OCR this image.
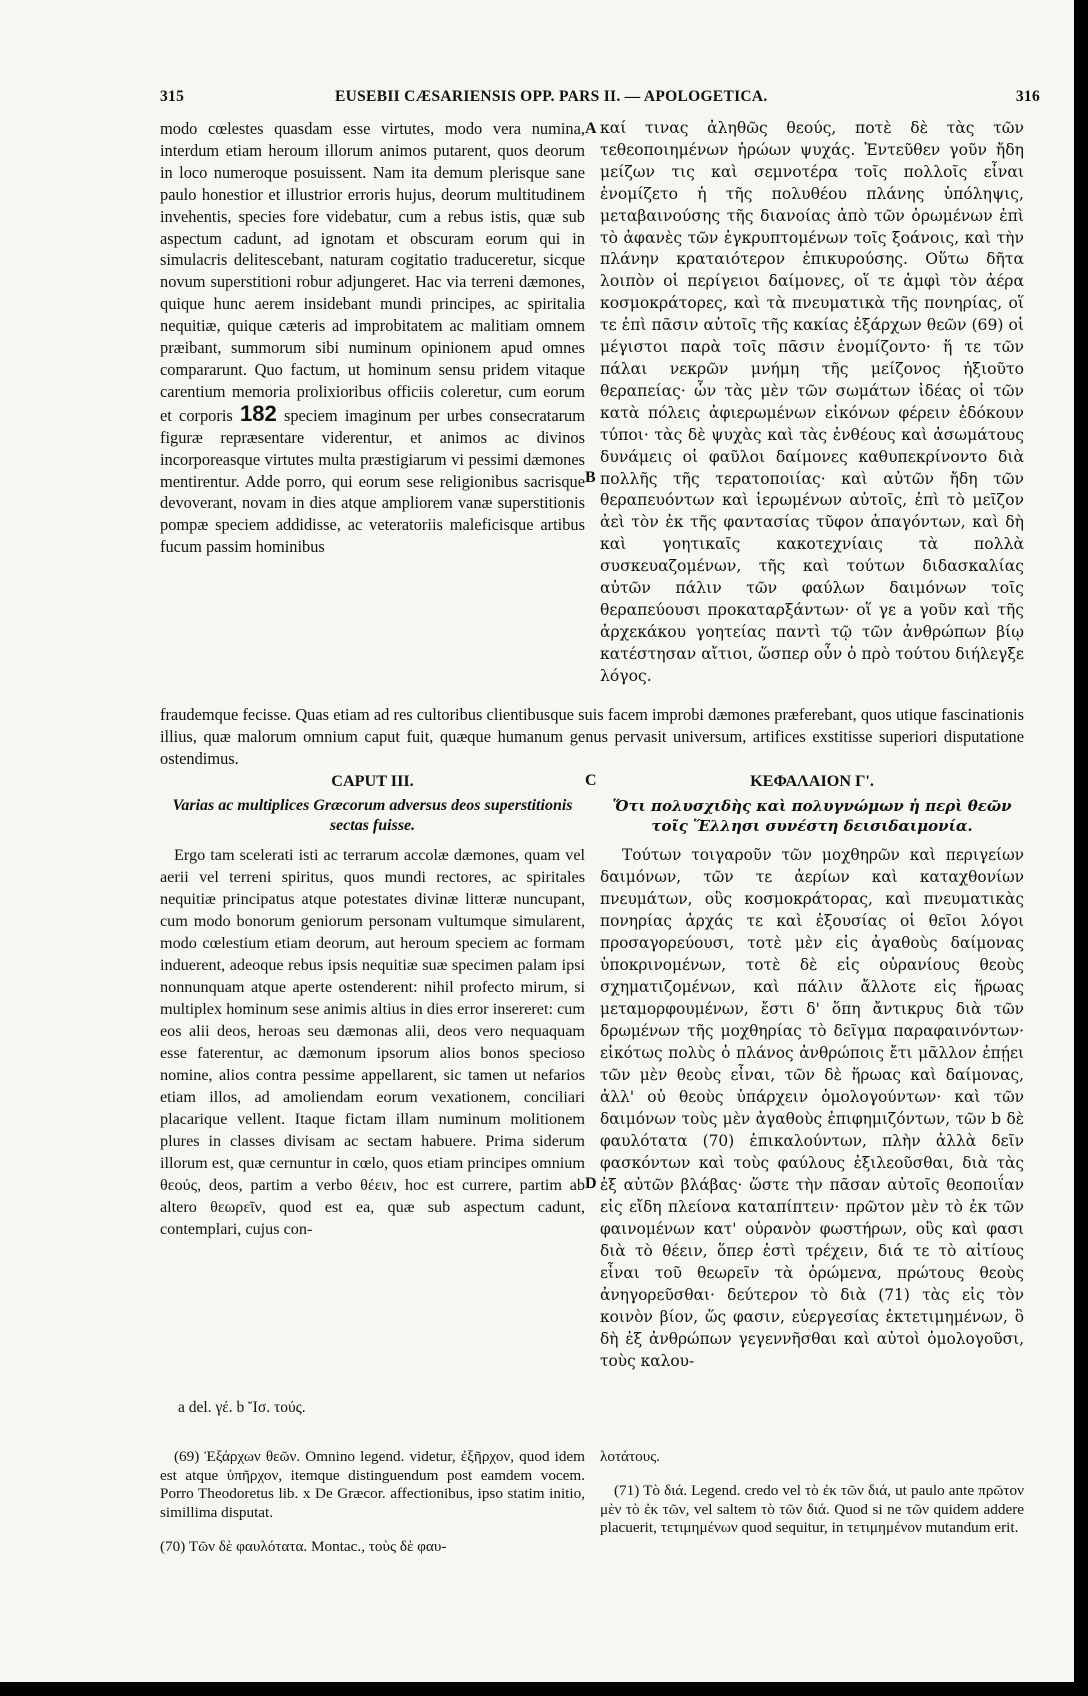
315	EUSEBII CÆSARIENSIS OPP. PARS II. — APOLOGETICA.	316

modo cœlestes quasdam esse virtutes, modo vera numina, interdum etiam heroum illorum animos putarent, quos deorum in loco numeroque posuissent. Nam ita demum plerisque sane paulo honestior et illustrior erroris hujus, deorum multitudinem invehentis, species fore videbatur, cum a rebus istis, quæ sub aspectum cadunt, ad ignotam et obscuram eorum qui in simulacris delitescebant, naturam cogitatio traduceretur, sicque novum superstitioni robur adjungeret. Hac via terreni dæmones, quique hunc aerem insidebant mundi principes, ac spiritalia nequitiæ, quique cæteris ad improbitatem ac malitiam omnem præibant, summorum sibi numinum opinionem apud omnes compararunt. Quo factum, ut hominum sensu pridem vitaque carentium memoria prolixioribus officiis coleretur, cum eorum et corporis 182 speciem imaginum per urbes consecratarum figuræ repræsentare viderentur, et animos ac divinos incorporeasque virtutes multa præstigiarum vi pessimi dæmones mentirentur. Adde porro, qui eorum sese religionibus sacrisque devoverant, novam in dies atque ampliorem vanæ superstitionis pompæ speciem addidisse, ac veteratoriis maleficisque artibus fucum passim hominibus

καί τινας ἀληθῶς θεούς, ποτὲ δὲ τὰς τῶν τεθεοποιημένων ἡρώων ψυχάς. Ἐντεῦθεν γοῦν ἤδη μείζων τις καὶ σεμνοτέρα τοῖς πολλοῖς εἶναι ἐνομίζετο ἡ τῆς πολυθέου πλάνης ὑπόληψις, μεταβαινούσης τῆς διανοίας ἀπὸ τῶν ὁρωμένων ἐπὶ τὸ ἀφανὲς τῶν ἐγκρυπτομένων τοῖς ξοάνοις, καὶ τὴν πλάνην κραταιότερον ἐπικυρούσης. Οὕτω δῆτα λοιπὸν οἱ περίγειοι δαίμονες, οἵ τε ἀμφὶ τὸν ἀέρα κοσμοκράτορες, καὶ τὰ πνευματικὰ τῆς πονηρίας, οἵ τε ἐπὶ πᾶσιν αὐτοῖς τῆς κακίας ἐξάρχων θεῶν (69) οἱ μέγιστοι παρὰ τοῖς πᾶσιν ἐνομίζοντο· ἥ τε τῶν πάλαι νεκρῶν μνήμη τῆς μείζονος ἠξιοῦτο θεραπείας· ὧν τὰς μὲν τῶν σωμάτων ἰδέας οἱ τῶν κατὰ πόλεις ἀφιερωμένων εἰκόνων φέρειν ἐδόκουν τύποι· τὰς δὲ ψυχὰς καὶ τὰς ἐνθέους καὶ ἀσωμάτους δυνάμεις οἱ φαῦλοι δαίμονες καθυπεκρίνοντο διὰ πολλῆς τῆς τερατοποιίας· καὶ αὐτῶν ἤδη τῶν θεραπευόντων καὶ ἱερωμένων αὐτοῖς, ἐπὶ τὸ μεῖζον ἀεὶ τὸν ἐκ τῆς φαντασίας τῦφον ἀπαγόντων, καὶ δὴ καὶ γοητικαῖς κακοτεχνίαις τὰ πολλὰ συσκευαζομένων, τῆς καὶ τούτων διδασκαλίας αὐτῶν πάλιν τῶν φαύλων δαιμόνων τοῖς θεραπεύουσι προκαταρξάντων· οἵ γε a γοῦν καὶ τῆς ἀρχεκάκου γοητείας παντὶ τῷ τῶν ἀνθρώπων βίῳ κατέστησαν αἴτιοι, ὥσπερ οὖν ὁ πρὸ τούτου διήλεγξε λόγος.

A
B
C
D

fraudemque fecisse. Quas etiam ad res cultoribus clientibusque suis facem improbi dæmones præferebant, quos utique fascinationis illius, quæ malorum omnium caput fuit, quæque humanum genus pervasit universum, artifices exstitisse superiori disputatione ostendimus.

CAPUT III.	ΚΕΦΑΛΑΙΟΝ Γ'.
Varias ac multiplices Græcorum adversus deos superstitionis sectas fuisse.
Ὅτι πολυσχιδὴς καὶ πολυγνώμων ἡ περὶ θεῶν τοῖς Ἕλλησι συνέστη δεισιδαιμονία.

Ergo tam scelerati isti ac terrarum accolæ dæmones, quam vel aerii vel terreni spiritus, quos mundi rectores, ac spiritales nequitiæ principatus atque potestates divinæ litteræ nuncupant, cum modo bonorum geniorum personam vultumque simularent, modo cœlestium etiam deorum, aut heroum speciem ac formam induerent, adeoque rebus ipsis nequitiæ suæ specimen palam ipsi nonnunquam atque aperte ostenderent: nihil profecto mirum, si multiplex hominum sese animis altius in dies error insereret: cum eos alii deos, heroas seu dæmonas alii, deos vero nequaquam esse faterentur, ac dæmonum ipsorum alios bonos specioso nomine, alios contra pessime appellarent, sic tamen ut nefarios etiam illos, ad amoliendam eorum vexationem, conciliari placarique vellent. Itaque fictam illam numinum molitionem plures in classes divisam ac sectam habuere. Prima siderum illorum est, quæ cernuntur in cœlo, quos etiam principes omnium θεούς, deos, partim a verbo θέειν, hoc est currere, partim ab altero θεωρεῖν, quod est ea, quæ sub aspectum cadunt, contemplari, cujus con-

Τούτων τοιγαροῦν τῶν μοχθηρῶν καὶ περιγείων δαιμόνων, τῶν τε ἀερίων καὶ καταχθονίων πνευμάτων, οὓς κοσμοκράτορας, καὶ πνευματικὰς πονηρίας ἀρχάς τε καὶ ἐξουσίας οἱ θεῖοι λόγοι προσαγορεύουσι, τοτὲ μὲν εἰς ἀγαθοὺς δαίμονας ὑποκρινομένων, τοτὲ δὲ εἰς οὐρανίους θεοὺς σχηματιζομένων, καὶ πάλιν ἄλλοτε εἰς ἥρωας μεταμορφουμένων, ἔστι δ' ὅπη ἄντικρυς διὰ τῶν δρωμένων τῆς μοχθηρίας τὸ δεῖγμα παραφαινόντων· εἰκότως πολὺς ὁ πλάνος ἀνθρώποις ἔτι μᾶλλον ἐπῄει τῶν μὲν θεοὺς εἶναι, τῶν δὲ ἥρωας καὶ δαίμονας, ἀλλ' οὐ θεοὺς ὑπάρχειν ὁμολογούντων· καὶ τῶν δαιμόνων τοὺς μὲν ἀγαθοὺς ἐπιφημιζόντων, τῶν b δὲ φαυλότατα (70) ἐπικαλούντων, πλὴν ἀλλὰ δεῖν φασκόντων καὶ τοὺς φαύλους ἐξιλεοῦσθαι, διὰ τὰς ἐξ αὐτῶν βλάβας· ὥστε τὴν πᾶσαν αὐτοῖς θεοποιΐαν εἰς εἴδη πλείονα καταπίπτειν· πρῶτον μὲν τὸ ἐκ τῶν φαινομένων κατ' οὐρανὸν φωστήρων, οὓς καὶ φασι διὰ τὸ θέειν, ὅπερ ἐστὶ τρέχειν, διά τε τὸ αἰτίους εἶναι τοῦ θεωρεῖν τὰ ὁρώμενα, πρώτους θεοὺς ἀνηγορεῦσθαι· δεύτερον τὸ διὰ (71) τὰς εἰς τὸν κοινὸν βίον, ὥς φασιν, εὐεργεσίας ἐκτετιμημένων, ὃ δὴ ἐξ ἀνθρώπων γεγεννῆσθαι καὶ αὐτοὶ ὁμολογοῦσι, τοὺς καλου-

a del. γέ. b Ἴσ. τούς.

(69) Ἐξάρχων θεῶν. Omnino legend. videtur, ἐξῆρχον, quod idem est atque ὑπῆρχον, itemque distinguendum post eamdem vocem. Porro Theodoretus lib. x De Græcor. affectionibus, ipso statim initio, simillima disputat.

(70) Τῶν δὲ φαυλότατα. Montac., τοὺς δὲ φαυ-

λοτάτους.

(71) Τὸ διά. Legend. credo vel τὸ ἐκ τῶν διά, ut paulo ante πρῶτον μὲν τὸ ἐκ τῶν, vel saltem τὸ τῶν διά. Quod si ne τῶν quidem addere placuerit, τετιμημένων quod sequitur, in τετιμημένον mutandum erit.
